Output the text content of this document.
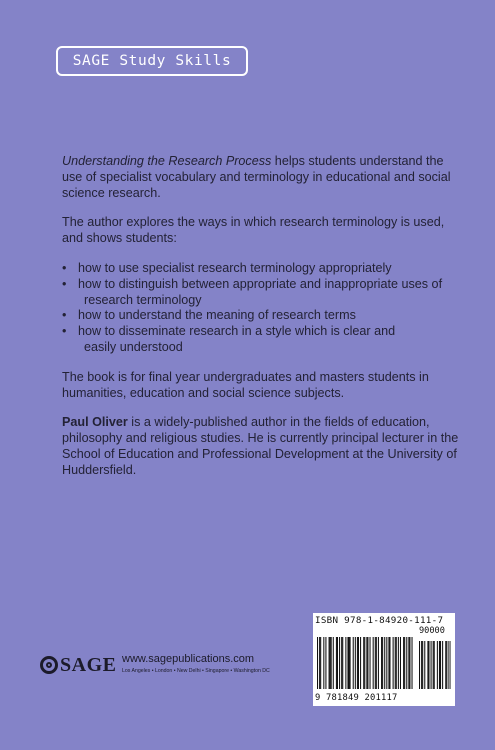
SAGE Study Skills

Understanding the Research Process helps students understand the use of specialist vocabulary and terminology in educational and social science research.

The author explores the ways in which research terminology is used, and shows students:

• how to use specialist research terminology appropriately
• how to distinguish between appropriate and inappropriate uses of
research terminology
• how to understand the meaning of research terms
• how to disseminate research in a style which is clear and
easily understood

The book is for final year undergraduates and masters students in humanities, education and social science subjects.

Paul Oliver is a widely-published author in the fields of education, philosophy and religious studies. He is currently principal lecturer in the School of Education and Professional Development at the University of Huddersfield.

SAGE www.sagepublications.com
Los Angeles • London • New Delhi • Singapore • Washington DC
ISBN 978-1-84920-111-7
90000
9 781849 201117
